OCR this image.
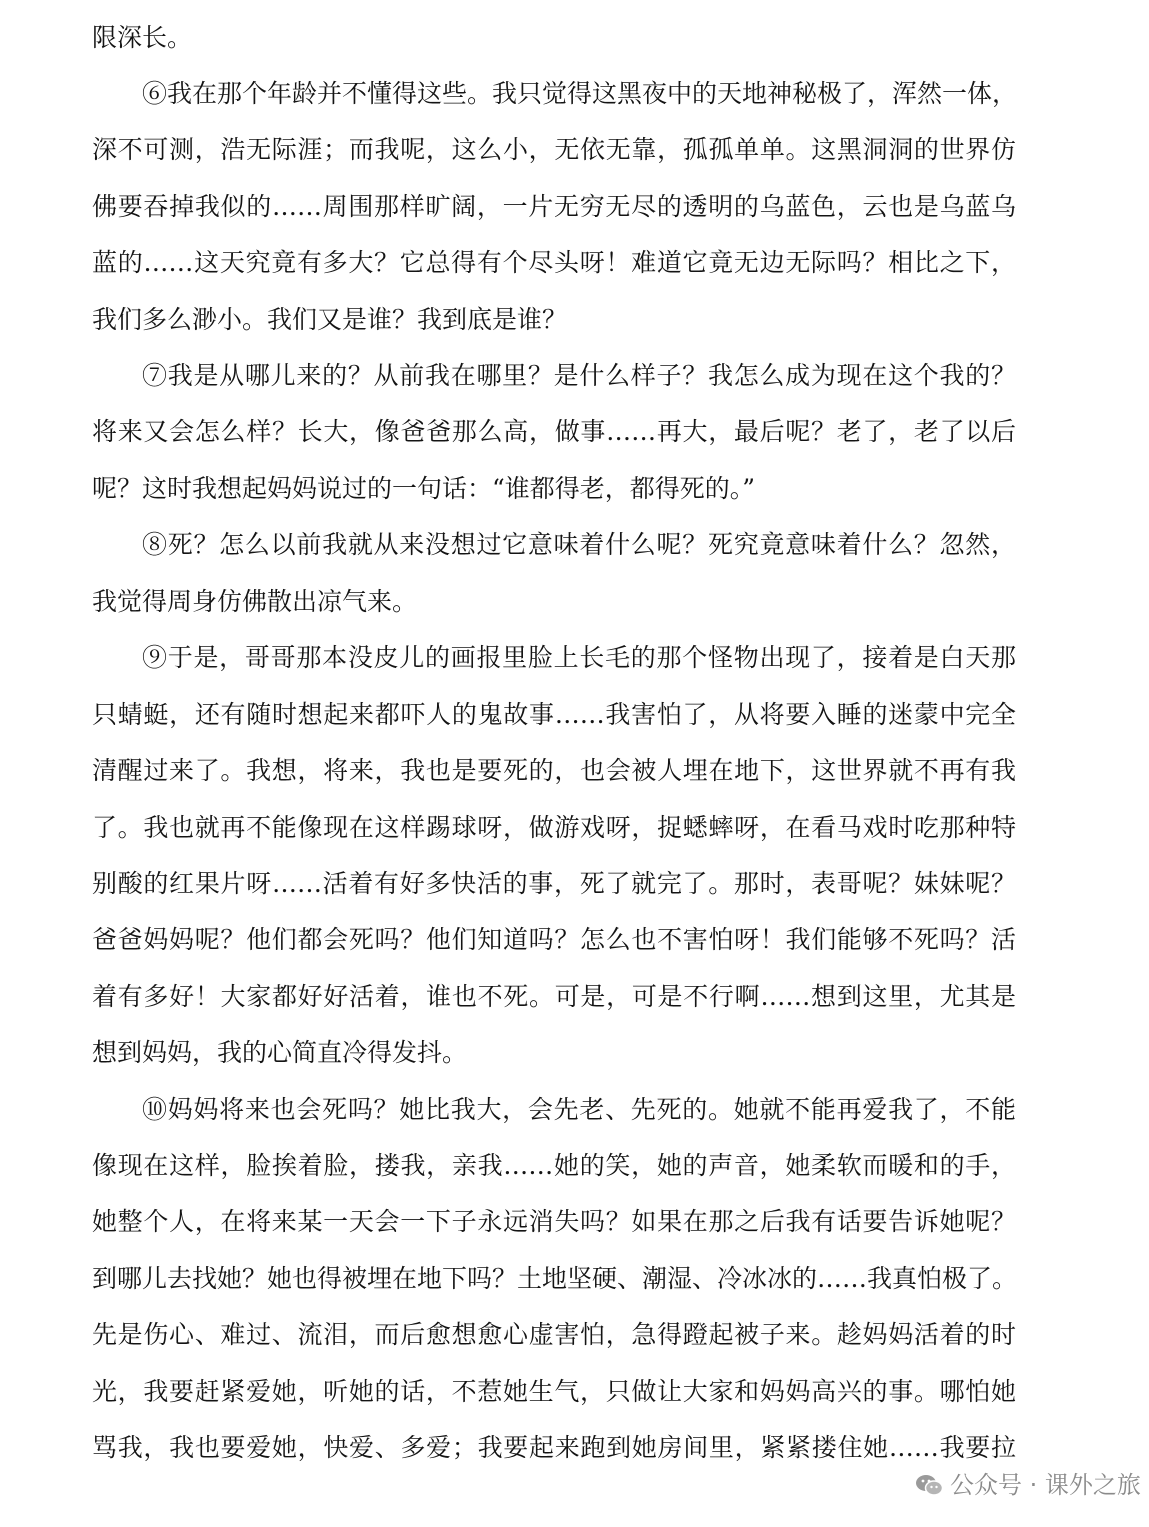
限深长。

⑥我在那个年龄并不懂得这些。我只觉得这黑夜中的天地神秘极了，浑然一体，

深不可测，浩无际涯；而我呢，这么小，无依无靠，孤孤单单。这黑洞洞的世界仿

佛要吞掉我似的……周围那样旷阔，一片无穷无尽的透明的乌蓝色，云也是乌蓝乌

蓝的……这天究竟有多大？它总得有个尽头呀！难道它竟无边无际吗？相比之下，

我们多么渺小。我们又是谁？我到底是谁？

⑦我是从哪儿来的？从前我在哪里？是什么样子？我怎么成为现在这个我的？

将来又会怎么样？长大，像爸爸那么高，做事……再大，最后呢？老了，老了以后

呢？这时我想起妈妈说过的一句话：“谁都得老，都得死的。”

⑧死？怎么以前我就从来没想过它意味着什么呢？死究竟意味着什么？忽然，

我觉得周身仿佛散出凉气来。

⑨于是，哥哥那本没皮儿的画报里脸上长毛的那个怪物出现了，接着是白天那

只蜻蜓，还有随时想起来都吓人的鬼故事……我害怕了，从将要入睡的迷蒙中完全

清醒过来了。我想，将来，我也是要死的，也会被人埋在地下，这世界就不再有我

了。我也就再不能像现在这样踢球呀，做游戏呀，捉蟋蟀呀，在看马戏时吃那种特

别酸的红果片呀……活着有好多快活的事，死了就完了。那时，表哥呢？妹妹呢？

爸爸妈妈呢？他们都会死吗？他们知道吗？怎么也不害怕呀！我们能够不死吗？活

着有多好！大家都好好活着，谁也不死。可是，可是不行啊……想到这里，尤其是

想到妈妈，我的心简直冷得发抖。

⑩妈妈将来也会死吗？她比我大，会先老、先死的。她就不能再爱我了，不能

像现在这样，脸挨着脸，搂我，亲我……她的笑，她的声音，她柔软而暖和的手，

她整个人，在将来某一天会一下子永远消失吗？如果在那之后我有话要告诉她呢？

到哪儿去找她？她也得被埋在地下吗？土地坚硬、潮湿、冷冰冰的……我真怕极了。

先是伤心、难过、流泪，而后愈想愈心虚害怕，急得蹬起被子来。趁妈妈活着的时

光，我要赶紧爱她，听她的话，不惹她生气，只做让大家和妈妈高兴的事。哪怕她

骂我，我也要爱她，快爱、多爱；我要起来跑到她房间里，紧紧搂住她……我要拉

公众号 · 课外之旅
